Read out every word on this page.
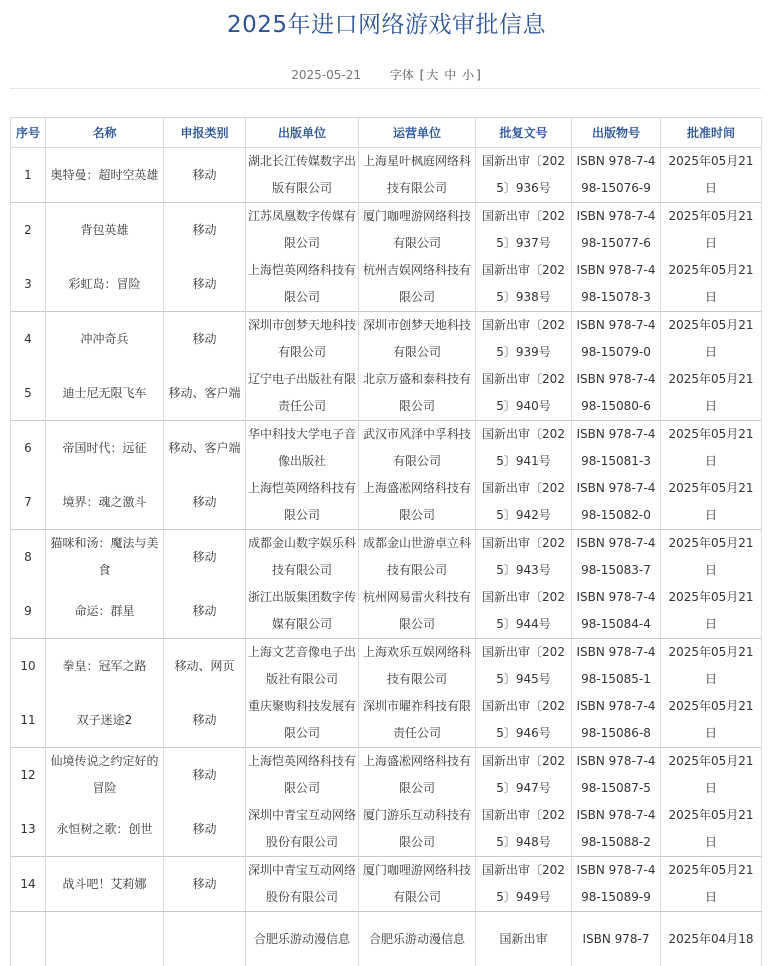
2025年进口网络游戏审批信息
2025-05-21 字体 [ 大 中 小 ]
序号	名称	申报类别	出版单位	运营单位	批复文号	出版物号	批准时间
1	奥特曼：超时空英雄	移动	湖北长江传媒数字出版有限公司	上海星叶枫庭网络科技有限公司	国新出审〔2025〕936号	ISBN 978-7-498-15076-9	2025年05月21日
2	背包英雄	移动	江苏凤凰数字传媒有限公司	厦门咖哩游网络科技有限公司	国新出审〔2025〕937号	ISBN 978-7-498-15077-6	2025年05月21日
3	彩虹岛：冒险	移动	上海恺英网络科技有限公司	杭州吉娱网络科技有限公司	国新出审〔2025〕938号	ISBN 978-7-498-15078-3	2025年05月21日
4	冲冲奇兵	移动	深圳市创梦天地科技有限公司	深圳市创梦天地科技有限公司	国新出审〔2025〕939号	ISBN 978-7-498-15079-0	2025年05月21日
5	迪士尼无限飞车	移动、客户端	辽宁电子出版社有限责任公司	北京万盛和泰科技有限公司	国新出审〔2025〕940号	ISBN 978-7-498-15080-6	2025年05月21日
6	帝国时代：远征	移动、客户端	华中科技大学电子音像出版社	武汉市风泽中孚科技有限公司	国新出审〔2025〕941号	ISBN 978-7-498-15081-3	2025年05月21日
7	境界：魂之激斗	移动	上海恺英网络科技有限公司	上海盛凇网络科技有限公司	国新出审〔2025〕942号	ISBN 978-7-498-15082-0	2025年05月21日
8	猫咪和汤：魔法与美食	移动	成都金山数字娱乐科技有限公司	成都金山世游卓立科技有限公司	国新出审〔2025〕943号	ISBN 978-7-498-15083-7	2025年05月21日
9	命运：群星	移动	浙江出版集团数字传媒有限公司	杭州网易雷火科技有限公司	国新出审〔2025〕944号	ISBN 978-7-498-15084-4	2025年05月21日
10	拳皇：冠军之路	移动、网页	上海文艺音像电子出版社有限公司	上海欢乐互娱网络科技有限公司	国新出审〔2025〕945号	ISBN 978-7-498-15085-1	2025年05月21日
11	双子迷途2	移动	重庆聚购科技发展有限公司	深圳市曜祚科技有限责任公司	国新出审〔2025〕946号	ISBN 978-7-498-15086-8	2025年05月21日
12	仙境传说之约定好的冒险	移动	上海恺英网络科技有限公司	上海盛凇网络科技有限公司	国新出审〔2025〕947号	ISBN 978-7-498-15087-5	2025年05月21日
13	永恒树之歌：创世	移动	深圳中青宝互动网络股份有限公司	厦门游乐互动科技有限公司	国新出审〔2025〕948号	ISBN 978-7-498-15088-2	2025年05月21日
14	战斗吧！艾莉娜	移动	深圳中青宝互动网络股份有限公司	厦门咖哩游网络科技有限公司	国新出审〔2025〕949号	ISBN 978-7-498-15089-9	2025年05月21日
			合肥乐游动漫信息	合肥乐游动漫信息	国新出审	ISBN 978-7	2025年04月18
